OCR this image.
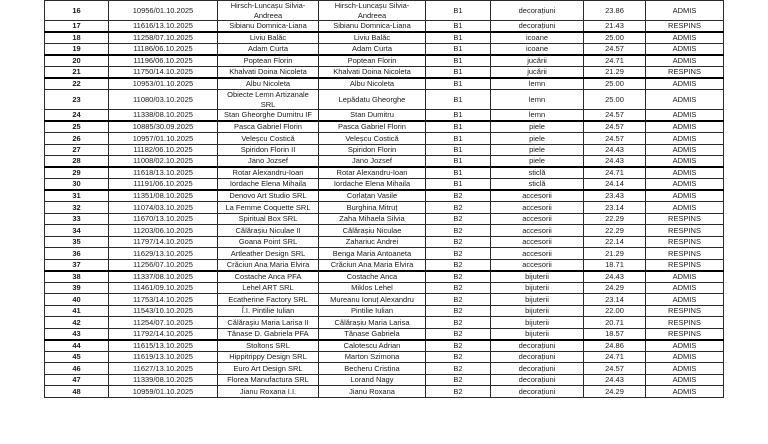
16	10956/01.10.2025	Hirsch-Luncașu Silvia-Andreea	Hirsch-Luncașu Silvia-Andreea	B1	decorațiuni	23.86	ADMIS
17	11616/13.10.2025	Sibianu Domnica-Liana	Sibianu Domnica-Liana	B1	decorațiuni	21.43	RESPINS
18	11258/07.10.2025	Liviu Balăc	Liviu Balăc	B1	icoane	25.00	ADMIS
19	11186/06.10.2025	Adam Curta	Adam Curta	B1	icoane	24.57	ADMIS
20	11196/06.10.2025	Poptean Florin	Poptean Florin	B1	jucării	24.71	ADMIS
21	11750/14.10.2025	Khalvati Doina Nicoleta	Khalvati Doina Nicoleta	B1	jucării	21.29	RESPINS
22	10953/01.10.2025	Albu Nicoleta	Albu Nicoleta	B1	lemn	25.00	ADMIS
23	11080/03.10.2025	Obiecte Lemn Artizanale SRL	Lepădatu Gheorghe	B1	lemn	25.00	ADMIS
24	11338/08.10.2025	Stan Gheorghe Dumitru IF	Stan Dumitru	B1	lemn	24.57	ADMIS
25	10885/30.09.2025	Pasca Gabriel Florin	Pasca Gabriel Florin	B1	piele	24.57	ADMIS
26	10957/01.10.2025	Veleșcu Costică	Veleșcu Costică	B1	piele	24.57	ADMIS
27	11182/06.10.2025	Spiridon Florin II	Spiridon Florin	B1	piele	24.43	ADMIS
28	11008/02.10.2025	Jano Jozsef	Jano Jozsef	B1	piele	24.43	ADMIS
29	11618/13.10.2025	Rotar Alexandru-Ioan	Rotar Alexandru-Ioan	B1	sticlă	24.71	ADMIS
30	11191/06.10.2025	Iordache Elena Mihaila	Iordache Elena Mihaila	B1	sticlă	24.14	ADMIS
31	11351/08.10.2025	Denovo Art Studio SRL	Corlațan Vasile	B2	accesorii	23.43	ADMIS
32	11074/03.10.2025	La Femme Coquette SRL	Burghina Mitruț	B2	accesorii	23.14	ADMIS
33	11670/13.10.2025	Spiritual Box SRL	Zaha Mihaela Silvia	B2	accesorii	22.29	RESPINS
34	11203/06.10.2025	Călărașiu Niculae II	Călărașiu Niculae	B2	accesorii	22.29	RESPINS
35	11797/14.10.2025	Goana Point SRL	Zahariuc Andrei	B2	accesorii	22.14	RESPINS
36	11629/13.10.2025	Artleather Design SRL	Benga Maria Antoaneta	B2	accesorii	21.29	RESPINS
37	11256/07.10.2025	Crăciun Ana Maria Elvira	Crăciun Ana Maria Elvira	B2	accesorii	18.71	RESPINS
38	11337/08.10.2025	Costache Anca PFA	Costache Anca	B2	bijuterii	24.43	ADMIS
39	11461/09.10.2025	Lehel ART SRL	Miklos Lehel	B2	bijuterii	24.29	ADMIS
40	11753/14.10.2025	Ecatherine Factory SRL	Mureanu Ionuț Alexandru	B2	bijuterii	23.14	ADMIS
41	11543/10.10.2025	Î.I. Pintilie Iulian	Pintilie Iulian	B2	bijuterii	22.00	RESPINS
42	11254/07.10.2025	Călărașiu Maria Larisa II	Călărașiu Maria Larisa	B2	bijuterii	20.71	RESPINS
43	11792/14.10.2025	Tănase D. Gabriela PFA	Tănase Gabriela	B2	bijuterii	18.57	RESPINS
44	11615/13.10.2025	Stoltons SRL	Calotescu Adrian	B2	decorațiuni	24.86	ADMIS
45	11619/13.10.2025	Hippitrippy Design SRL	Marton Szimona	B2	decorațiuni	24.71	ADMIS
46	11627/13.10.2025	Euro Art Design SRL	Becheru Cristina	B2	decorațiuni	24.57	ADMIS
47	11339/08.10.2025	Florea Manufactura SRL	Lorand Nagy	B2	decorațiuni	24.43	ADMIS
48	10959/01.10.2025	Jianu Roxana I.I.	Jianu Roxana	B2	decorațiuni	24.29	ADMIS
